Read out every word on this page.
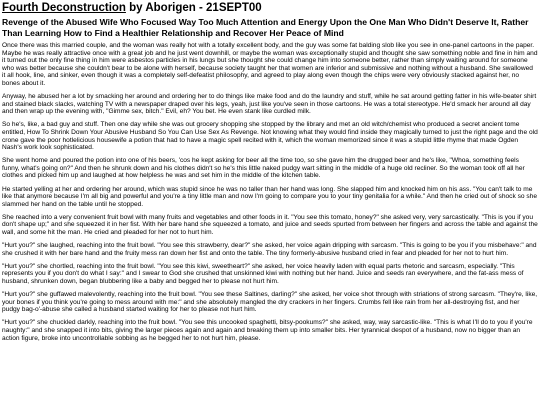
Fourth Deconstruction by Aborigen - 21SEPT00
Revenge of the Abused Wife Who Focused Way Too Much Attention and Energy Upon the One Man Who Didn't Deserve It, Rather Than Learning How to Find a Healthier Relationship and Recover Her Peace of Mind

Once there was this married couple, and the woman was really hot with a totally excellent body, and the guy was some fat balding slob like you see in one-panel cartoons in the paper. Maybe he was really attractive once with a great job and he just went downhill, or maybe the woman was exceptionally stupid and thought she saw something noble and fine in him and it turned out the only fine thing in him were asbestos particles in his lungs but she thought she could change him into someone better, rather than simply waiting around for someone who was better because she couldn't bear to be alone with herself, because society taught her that women are inferior and submissive and nothing without a husband. She swallowed it all hook, line, and sinker, even though it was a completely self-defeatist philosophy, and agreed to play along even though the chips were very obviously stacked against her, no bones about it.

Anyway, he abused her a lot by smacking her around and ordering her to do things like make food and do the laundry and stuff, while he sat around getting fatter in his wife-beater shirt and stained black slacks, watching TV with a newspaper draped over his legs, yeah, just like you've seen in those cartoons. He was a total stereotype. He'd smack her around all day and then wrap up the evening with, "Gimme sex, bitch." Evil, eh? You bet. He even stank like curdled milk.

So he's, like, a bad guy and stuff. Then one day while she was out grocery shopping she stopped by the library and met an old witch/chemist who produced a secret ancient tome entitled, How To Shrink Down Your Abusive Husband So You Can Use Sex As Revenge. Not knowing what they would find inside they magically turned to just the right page and the old crone gave the poor hotlelicious housewife a potion that had to have a magic spell recited with it, which the woman memorized since it was a stupid little rhyme that made Ogden Nash's work look sophisticated.

She went home and poured the potion into one of his beers, 'cos he kept asking for beer all the time too, so she gave him the drugged beer and he's like, "Whoa, something feels funny, what's going on?" And then he shrunk down and his clothes didn't so he's this little naked pudgy wart sitting in the middle of a huge old recliner. So the woman took off all her clothes and picked him up and laughed at how helpless he was and set him in the middle of the kitchen table.

He started yelling at her and ordering her around, which was stupid since he was no taller than her hand was long. She slapped him and knocked him on his ass. "You can't talk to me like that anymore because I'm all big and powerful and you're a tiny little man and now I'm going to compare you to your tiny genitalia for a while." And then he cried out of shock so she slammed her hand on the table until he stopped.

She reached into a very convenient fruit bowl with many fruits and vegetables and other foods in it. "You see this tomato, honey?" she asked very, very sarcastically. "This is you if you don't shape up;" and she squeezed it in her fist. With her bare hand she squeezed a tomato, and juice and seeds spurted from between her fingers and across the table and against the wall, and some hit the man. He cried and pleaded for her not to hurt him.

"Hurt you?" she laughed, reaching into the fruit bowl. "You see this strawberry, dear?" she asked, her voice again dripping with sarcasm. "This is going to be you if you misbehave:" and she crushed it with her bare hand and the fruity mess ran down her fist and onto the table. The tiny formerly-abusive husband cried in fear and pleaded for her not to hurt him.

"Hurt you?" she chortled, reaching into the fruit bowl. "You see this kiwi, sweetheart?" she asked, her voice heavily laden with equal parts rhetoric and sarcasm, especially. "This represents you if you don't do what I say:" and I swear to God she crushed that unskinned kiwi with nothing but her hand. Juice and seeds ran everywhere, and the fat-ass mess of husband, shrunken down, began blubbering like a baby and begged her to please not hurt him.

"Hurt you?" she guffawed malevolently, reaching into the fruit bowl. "You see these Saltines, darling?" she asked, her voice shot through with striations of strong sarcasm. "They're, like, your bones if you think you're going to mess around with me:" and she absolutely mangled the dry crackers in her fingers. Crumbs fell like rain from her all-destroying fist, and her pudgy bag-o'-abuse she called a husband started waiting for her to please not hurt him.

"Hurt you?" she chuckled darkly, reaching into the fruit bowl. "You see this uncooked spaghetti, bitsy-pookums?" she asked, way, way sarcastic-like. "This is what I'll do to you if you're naughty:" and she snapped it into bits, giving the larger pieces again and again and breaking them up into smaller bits. Her tyrannical despot of a husband, now no bigger than an action figure, broke into uncontrollable sobbing as he begged her to not hurt him, please.
